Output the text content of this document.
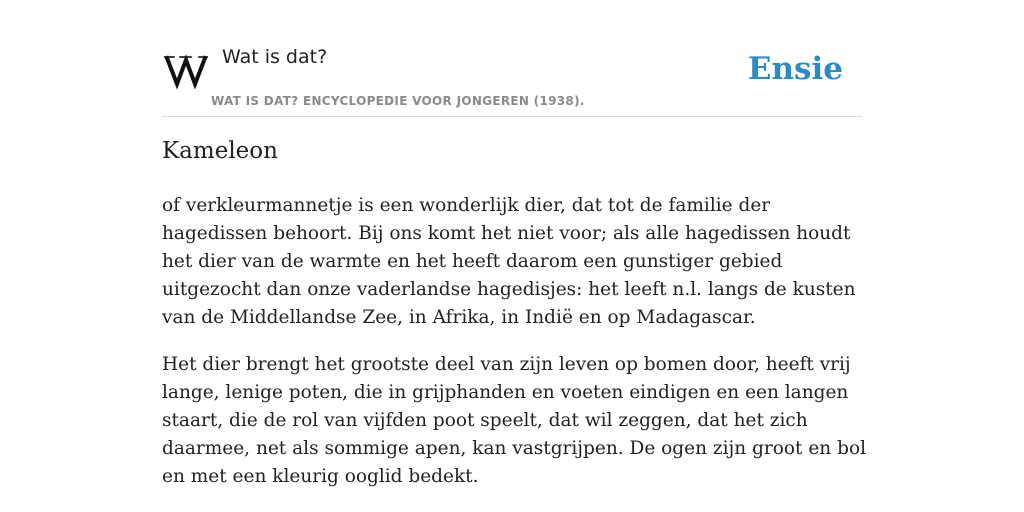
Wat is dat?
WAT IS DAT? ENCYCLOPEDIE VOOR JONGEREN (1938).
Ensie
Kameleon

of verkleurmannetje is een wonderlijk dier, dat tot de familie der hagedissen behoort. Bij ons komt het niet voor; als alle hagedissen houdt het dier van de warmte en het heeft daarom een gunstiger gebied uitgezocht dan onze vaderlandse hagedisjes: het leeft n.l. langs de kusten van de Middellandse Zee, in Afrika, in Indië en op Madagascar.

Het dier brengt het grootste deel van zijn leven op bomen door, heeft vrij lange, lenige poten, die in grijphanden en voeten eindigen en een langen staart, die de rol van vijfden poot speelt, dat wil zeggen, dat het zich daarmee, net als sommige apen, kan vastgrijpen. De ogen zijn groot en bol en met een kleurig ooglid bedekt.
